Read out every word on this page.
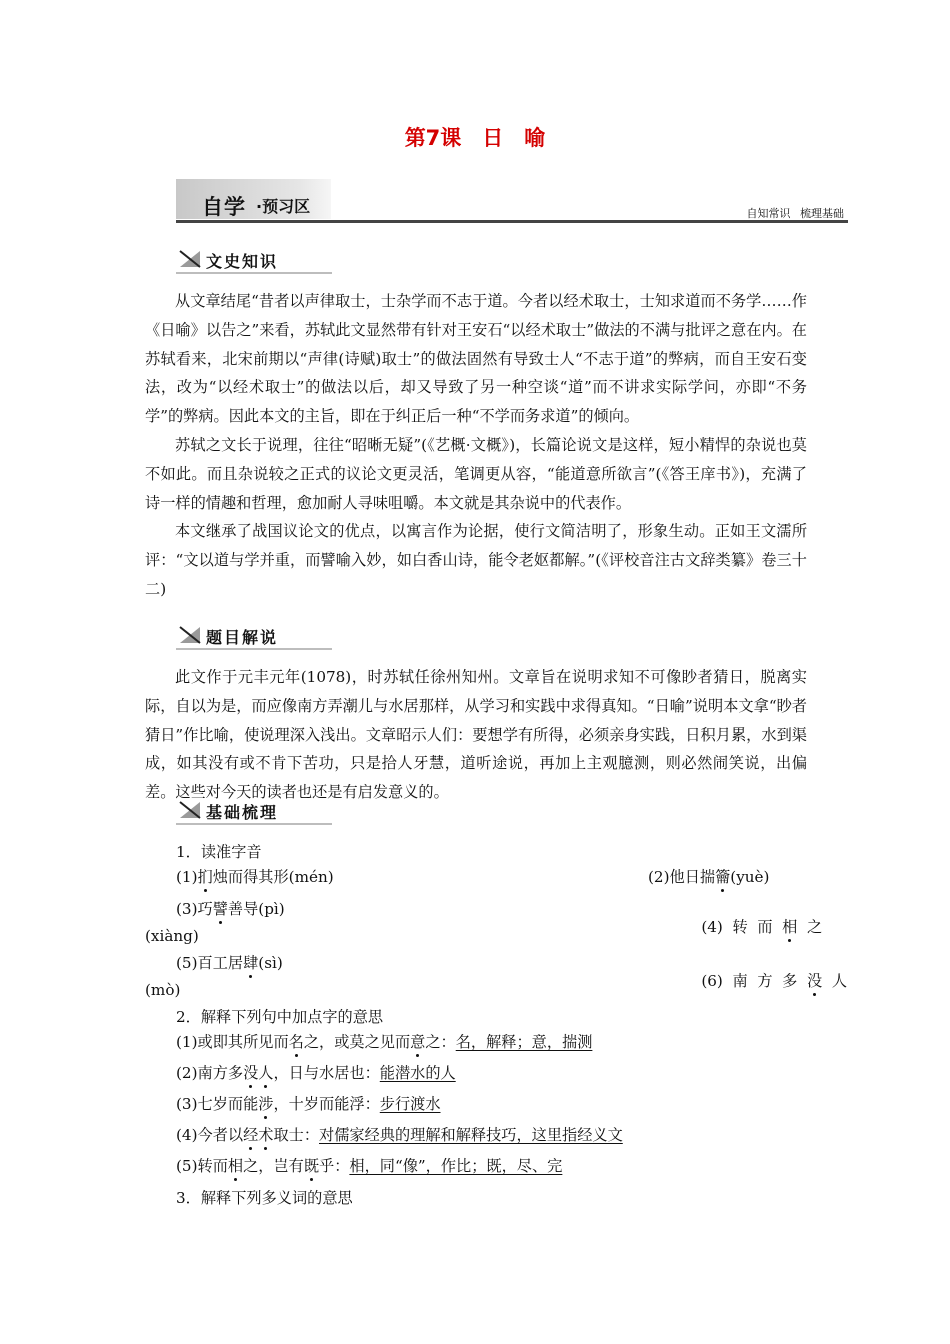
第7课　日　喻
自学 ·预习区	自知常识 梳理基础
文史知识

从文章结尾“昔者以声律取士，士杂学而不志于道。今者以经术取士，士知求道而不务学……作《日喻》以告之”来看，苏轼此文显然带有针对王安石“以经术取士”做法的不满与批评之意在内。在苏轼看来，北宋前期以“声律(诗赋)取士”的做法固然有导致士人“不志于道”的弊病，而自王安石变法，改为“以经术取士”的做法以后，却又导致了另一种空谈“道”而不讲求实际学问，亦即“不务学”的弊病。因此本文的主旨，即在于纠正后一种“不学而务求道”的倾向。

苏轼之文长于说理，往往“昭晰无疑”(《艺概·文概》)，长篇论说文是这样，短小精悍的杂说也莫不如此。而且杂说较之正式的议论文更灵活，笔调更从容，“能道意所欲言”(《答王庠书》)，充满了诗一样的情趣和哲理，愈加耐人寻味咀嚼。本文就是其杂说中的代表作。

本文继承了战国议论文的优点，以寓言作为论据，使行文简洁明了，形象生动。正如王文濡所评：“文以道与学并重，而譬喻入妙，如白香山诗，能令老妪都解。”(《评校音注古文辞类纂》卷三十二)

题目解说

此文作于元丰元年(1078)，时苏轼任徐州知州。文章旨在说明求知不可像眇者猜日，脱离实际，自以为是，而应像南方弄潮儿与水居那样，从学习和实践中求得真知。“日喻”说明本文拿“眇者猜日”作比喻，使说理深入浅出。文章昭示人们：要想学有所得，必须亲身实践，日积月累，水到渠成，如其没有或不肯下苦功，只是拾人牙慧，道听途说，再加上主观臆测，则必然闹笑说，出偏差。这些对今天的读者也还是有启发意义的。

基础梳理
1．读准字音
(1)扪烛而得其形(mén)	(2)他日揣籥(yuè)
(3)巧譬善导(pì)

(4)  转  而  相  之

(xiàng)
(5)百工居肆(sì)

(6)  南  方  多  没  人

(mò)
2．解释下列句中加点字的意思
(1)或即其所见而名之，或莫之见而意之：名，解释；意，揣测
(2)南方多没人，日与水居也：能潜水的人
(3)七岁而能涉，十岁而能浮：步行渡水
(4)今者以经术取士：对儒家经典的理解和解释技巧，这里指经义文
(5)转而相之，岂有既乎：相，同“像”，作比；既，尽、完
3．解释下列多义词的意思
